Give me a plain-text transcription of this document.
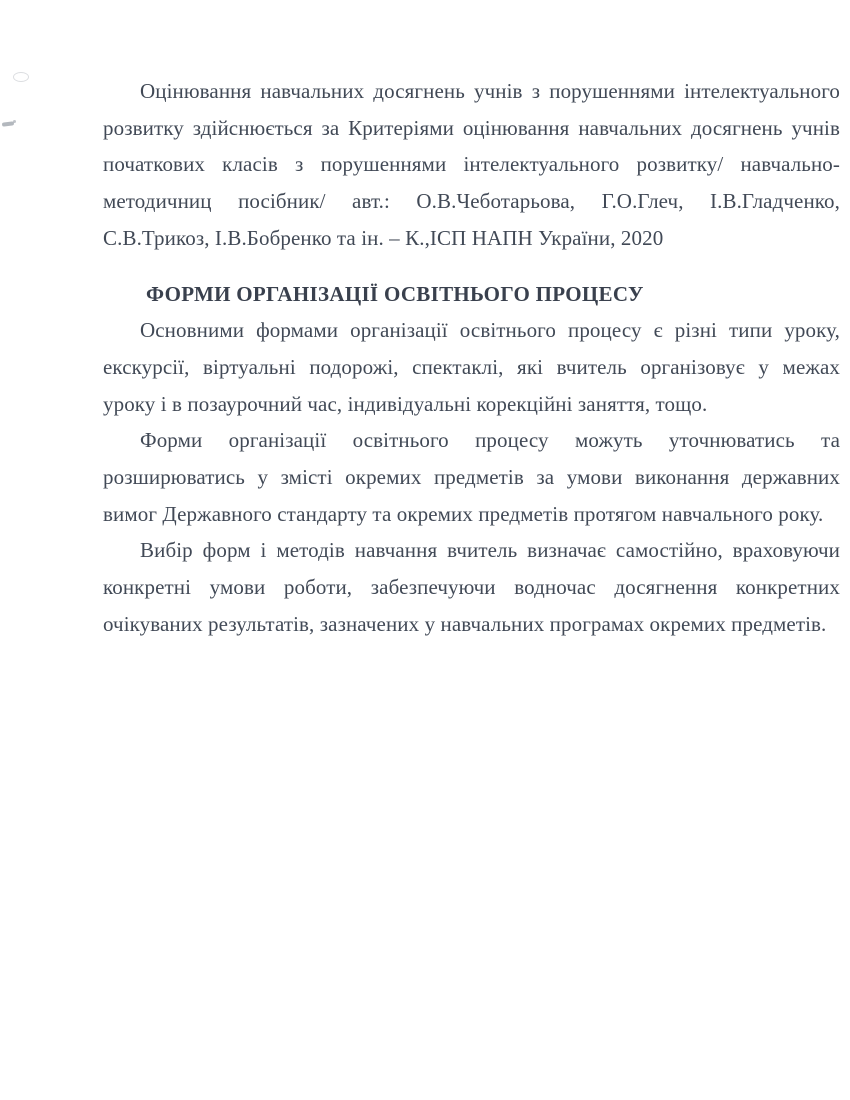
Оцінювання навчальних досягнень учнів з порушеннями інтелектуального
розвитку здійснюється за Критеріями оцінювання навчальних досягнень учнів
початкових класів з порушеннями інтелектуального розвитку/ навчально-
методичниц посібник/ авт.: О.В.Чеботарьова, Г.О.Глеч, І.В.Гладченко,
С.В.Трикоз, І.В.Бобренко та ін. – К.,ІСП НАПН України, 2020
ФОРМИ ОРГАНІЗАЦІЇ ОСВІТНЬОГО ПРОЦЕСУ
Основними формами організації освітнього процесу є різні типи уроку,
екскурсії, віртуальні подорожі, спектаклі, які вчитель організовує у межах
уроку і в позаурочний час, індивідуальні корекційні заняття, тощо.
Форми організації освітнього процесу можуть уточнюватись та
розширюватись у змісті окремих предметів за умови виконання державних
вимог Державного стандарту та окремих предметів протягом навчального року.
Вибір форм і методів навчання вчитель визначає самостійно, враховуючи
конкретні умови роботи, забезпечуючи водночас досягнення конкретних
очікуваних результатів, зазначених у навчальних програмах окремих предметів.
